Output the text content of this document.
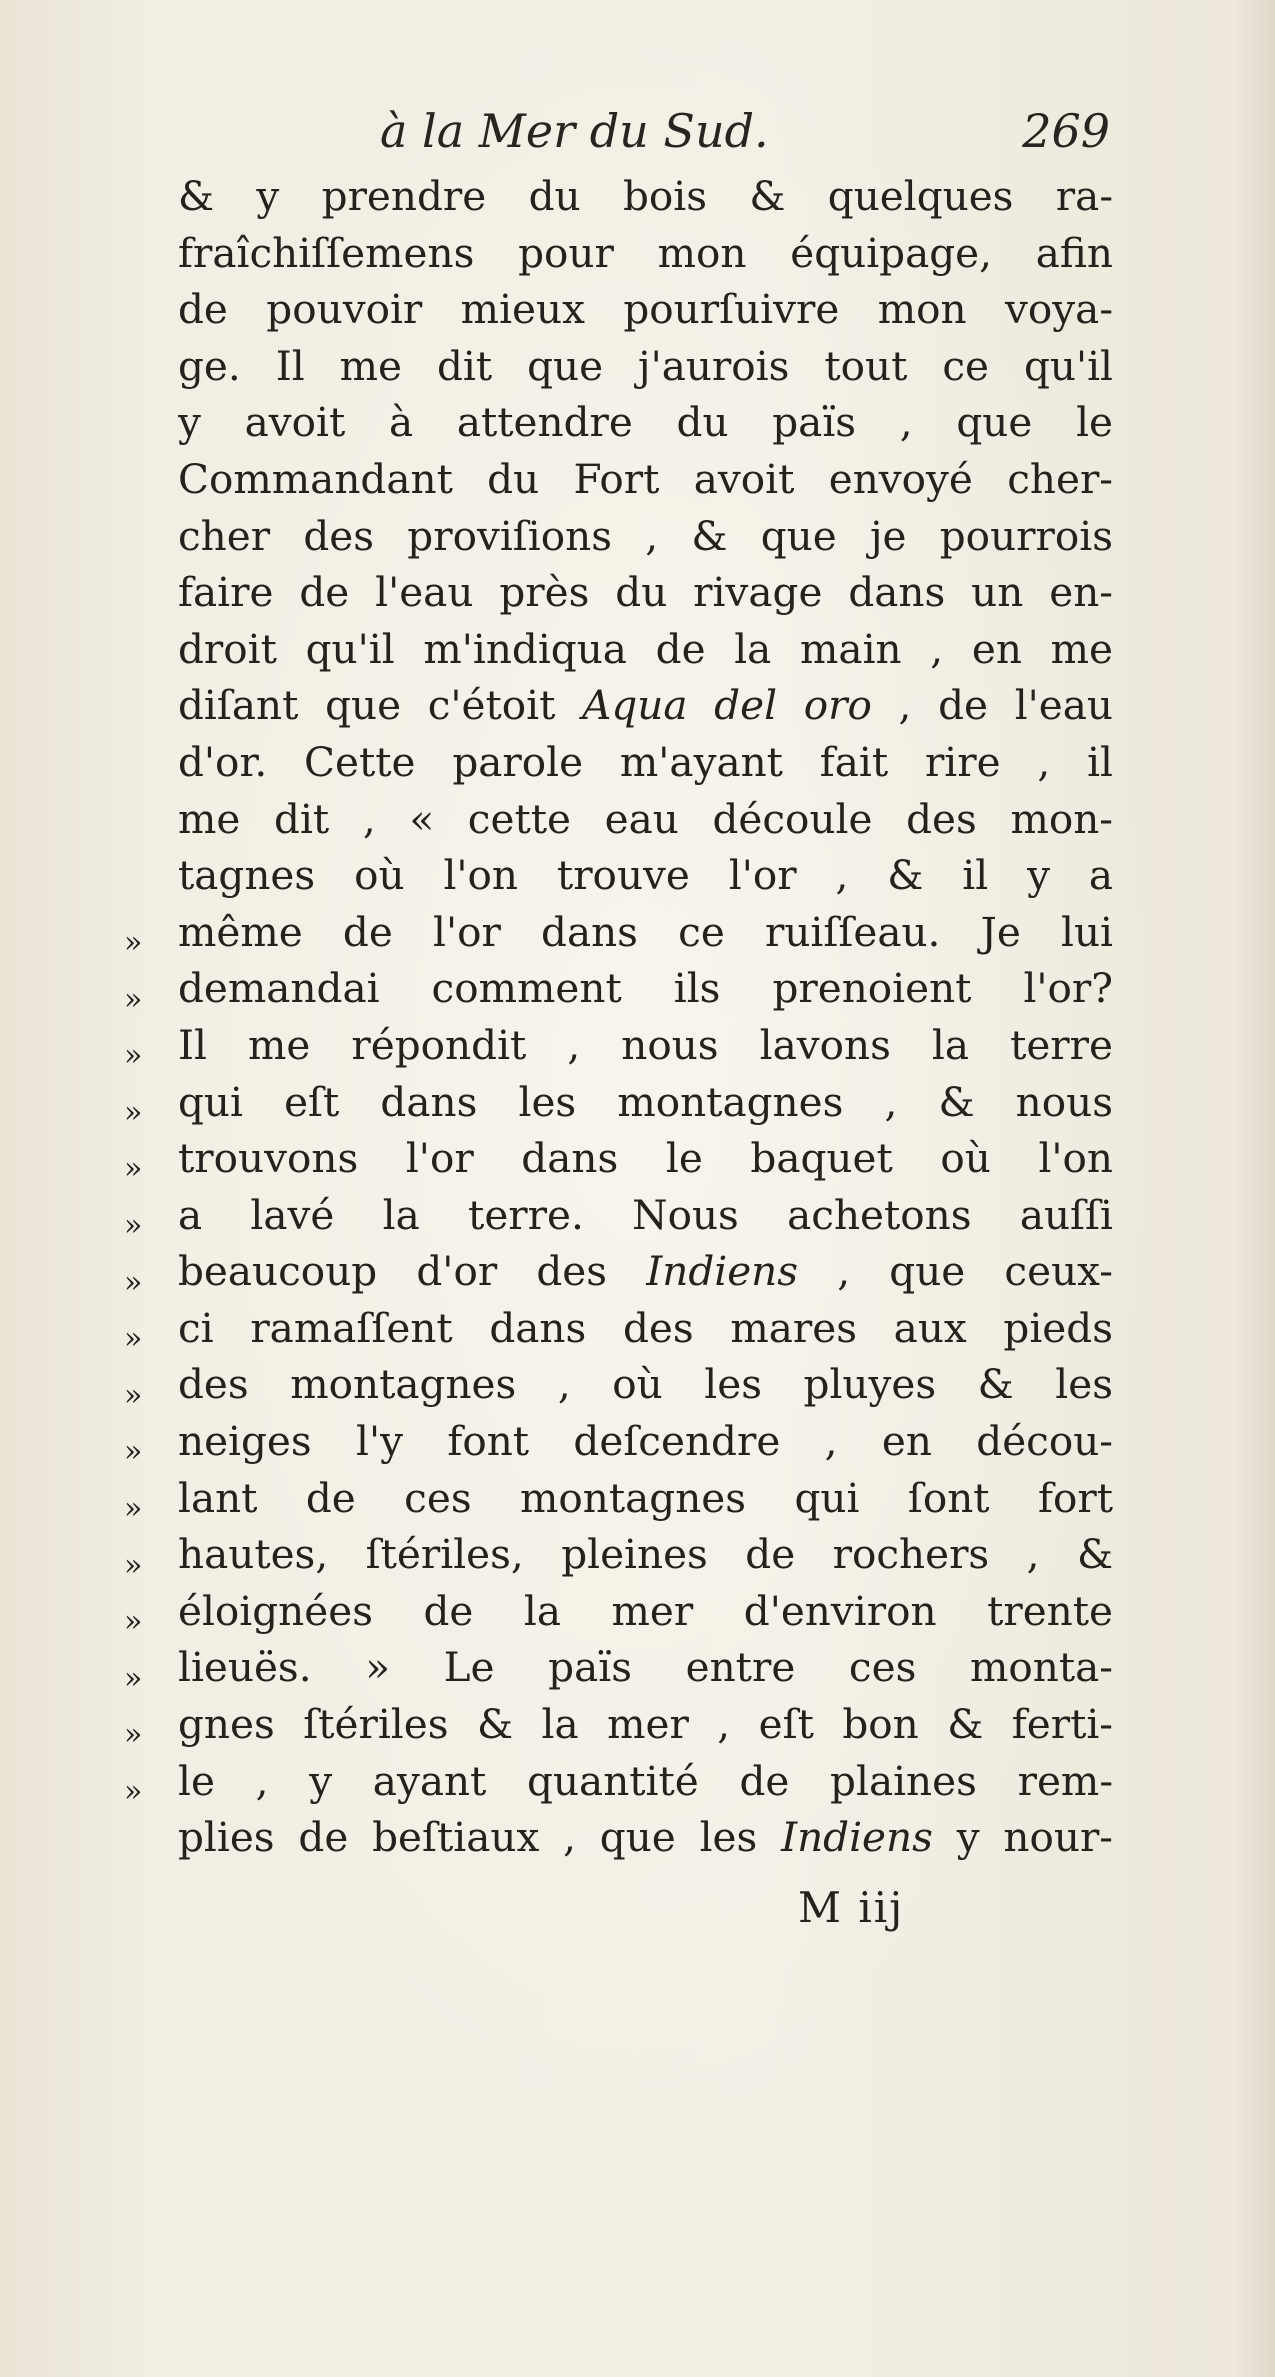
à la Mer du Sud.	269
& y prendre du bois & quelques ra-
fraîchiſſemens pour mon équipage, afin
de pouvoir mieux pourſuivre mon voya-
ge. Il me dit que j'aurois tout ce qu'il
y avoit à attendre du païs , que le
Commandant du Fort avoit envoyé cher-
cher des proviſions , & que je pourrois
faire de l'eau près du rivage dans un en-
droit qu'il m'indiqua de la main , en me
diſant que c'étoit Aqua del oro , de l'eau
d'or. Cette parole m'ayant fait rire , il
me dit , « cette eau découle des mon-
tagnes où l'on trouve l'or , & il y a
même de l'or dans ce ruiſſeau. Je lui
demandai comment ils prenoient l'or?
Il me répondit , nous lavons la terre
qui eſt dans les montagnes , & nous
trouvons l'or dans le baquet où l'on
a lavé la terre. Nous achetons auſſi
beaucoup d'or des Indiens , que ceux-
ci ramaſſent dans des mares aux pieds
des montagnes , où les pluyes & les
neiges l'y font deſcendre , en décou-
lant de ces montagnes qui ſont fort
hautes, ſtériles, pleines de rochers , &
éloignées de la mer d'environ trente
lieuës. » Le païs entre ces monta-
gnes ſtériles & la mer , eſt bon & ferti-
le , y ayant quantité de plaines rem-
plies de beſtiaux , que les Indiens y nour-
»
»
»
»
»
»
»
»
»
»
»
»
»
»
»
»
M iij
